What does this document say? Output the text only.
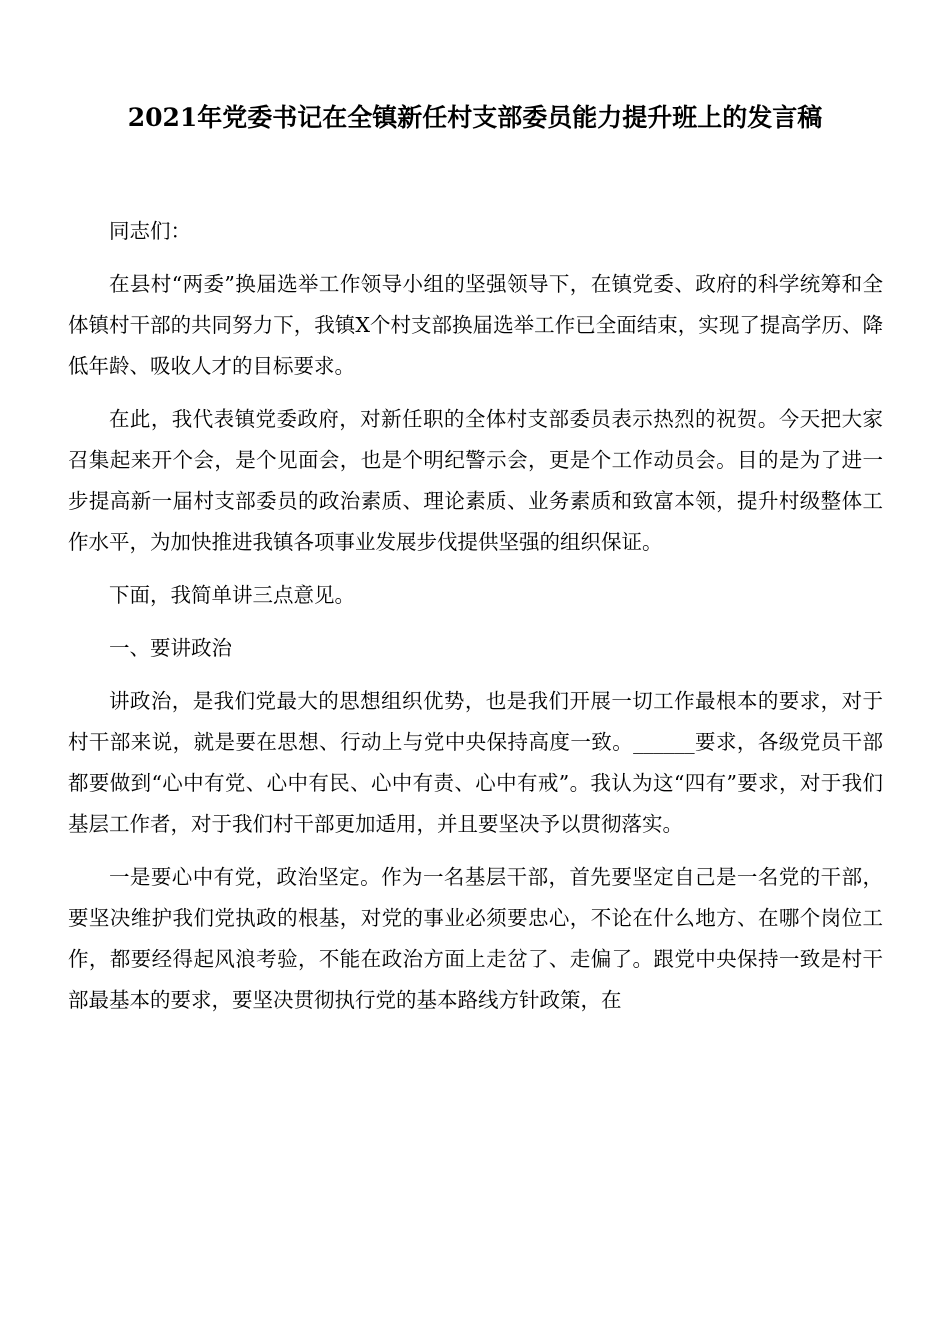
2021年党委书记在全镇新任村支部委员能力提升班上的发言稿

同志们：

在县村“两委”换届选举工作领导小组的坚强领导下，在镇党委、政府的科学统筹和全体镇村干部的共同努力下，我镇X个村支部换届选举工作已全面结束，实现了提高学历、降低年龄、吸收人才的目标要求。

在此，我代表镇党委政府，对新任职的全体村支部委员表示热烈的祝贺。今天把大家召集起来开个会，是个见面会，也是个明纪警示会，更是个工作动员会。目的是为了进一步提高新一届村支部委员的政治素质、理论素质、业务素质和致富本领，提升村级整体工作水平，为加快推进我镇各项事业发展步伐提供坚强的组织保证。

下面，我简单讲三点意见。

一、要讲政治

讲政治，是我们党最大的思想组织优势，也是我们开展一切工作最根本的要求，对于村干部来说，就是要在思想、行动上与党中央保持高度一致。______要求，各级党员干部都要做到“心中有党、心中有民、心中有责、心中有戒”。我认为这“四有”要求，对于我们基层工作者，对于我们村干部更加适用，并且要坚决予以贯彻落实。

一是要心中有党，政治坚定。作为一名基层干部，首先要坚定自己是一名党的干部，要坚决维护我们党执政的根基，对党的事业必须要忠心，不论在什么地方、在哪个岗位工作，都要经得起风浪考验，不能在政治方面上走岔了、走偏了。跟党中央保持一致是村干部最基本的要求，要坚决贯彻执行党的基本路线方针政策，在
